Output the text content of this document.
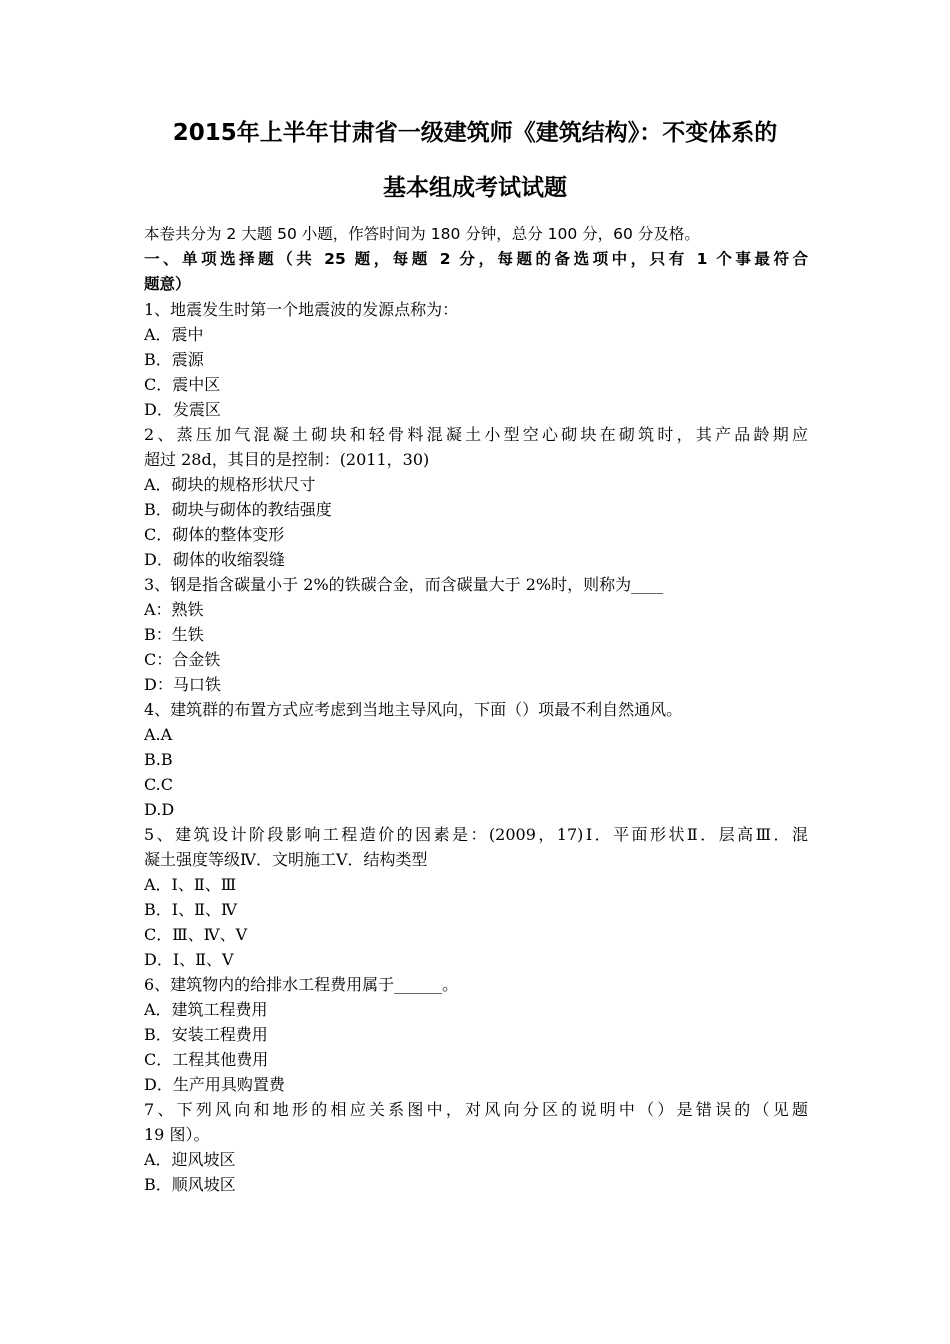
2015年上半年甘肃省一级建筑师《建筑结构》：不变体系的
基本组成考试试题
本卷共分为 2 大题 50 小题，作答时间为 180 分钟，总分 100 分，60 分及格。
一、单项选择题（共 25 题，每题 2 分，每题的备选项中，只有 1 个事最符合
题意）
1、地震发生时第一个地震波的发源点称为：
A．震中
B．震源
C．震中区
D．发震区
2、蒸压加气混凝土砌块和轻骨料混凝土小型空心砌块在砌筑时，其产品龄期应
超过 28d，其目的是控制：(2011，30)
A．砌块的规格形状尺寸
B．砌块与砌体的教结强度
C．砌体的整体变形
D．砌体的收缩裂缝
3、钢是指含碳量小于 2%的铁碳合金，而含碳量大于 2%时，则称为____
A：熟铁
B：生铁
C：合金铁
D：马口铁
4、建筑群的布置方式应考虑到当地主导风向，下面（）项最不利自然通风。
A.A
B.B
C.C
D.D
5、建筑设计阶段影响工程造价的因素是：(2009，17)Ⅰ．平面形状Ⅱ．层高Ⅲ．混
凝土强度等级Ⅳ．文明施工Ⅴ．结构类型
A．Ⅰ、Ⅱ、Ⅲ
B．Ⅰ、Ⅱ、Ⅳ
C．Ⅲ、Ⅳ、Ⅴ
D．Ⅰ、Ⅱ、Ⅴ
6、建筑物内的给排水工程费用属于______。
A．建筑工程费用
B．安装工程费用
C．工程其他费用
D．生产用具购置费
7、下列风向和地形的相应关系图中，对风向分区的说明中（）是错误的（见题
19 图）。
A．迎风坡区
B．顺风坡区
